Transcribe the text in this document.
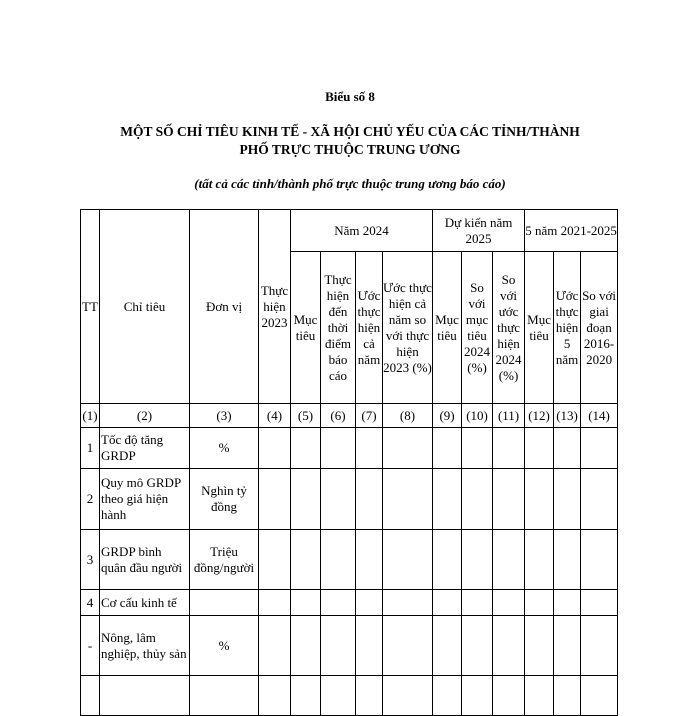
Biểu số 8
MỘT SỐ CHỈ TIÊU KINH TẾ - XÃ HỘI CHỦ YẾU CỦA CÁC TỈNH/THÀNH
PHỐ TRỰC THUỘC TRUNG ƯƠNG
(tất cả các tỉnh/thành phố trực thuộc trung ương báo cáo)
TT	Chỉ tiêu	Đơn vị	Thực hiện 2023	Năm 2024				Dự kiến năm 2025			5 năm 2021-2025		
				Mục tiêu	Thực hiện đến thời điểm báo cáo	Ước thực hiện cả năm	Ước thực hiện cả năm so với thực hiện 2023 (%)	Mục tiêu	So với mục tiêu 2024 (%)	So với ước thực hiện 2024 (%)	Mục tiêu	Ước thực hiện 5 năm	So với giai đoạn 2016-2020
(1)	(2)	(3)	(4)	(5)	(6)	(7)	(8)	(9)	(10)	(11)	(12)	(13)	(14)
1	Tốc độ tăng GRDP	%											
2	Quy mô GRDP theo giá hiện hành	Nghìn tỷ đồng											
3	GRDP bình quân đầu người	Triệu đồng/người											
4	Cơ cấu kinh tế												
-	Nông, lâm nghiệp, thủy sản	%											
